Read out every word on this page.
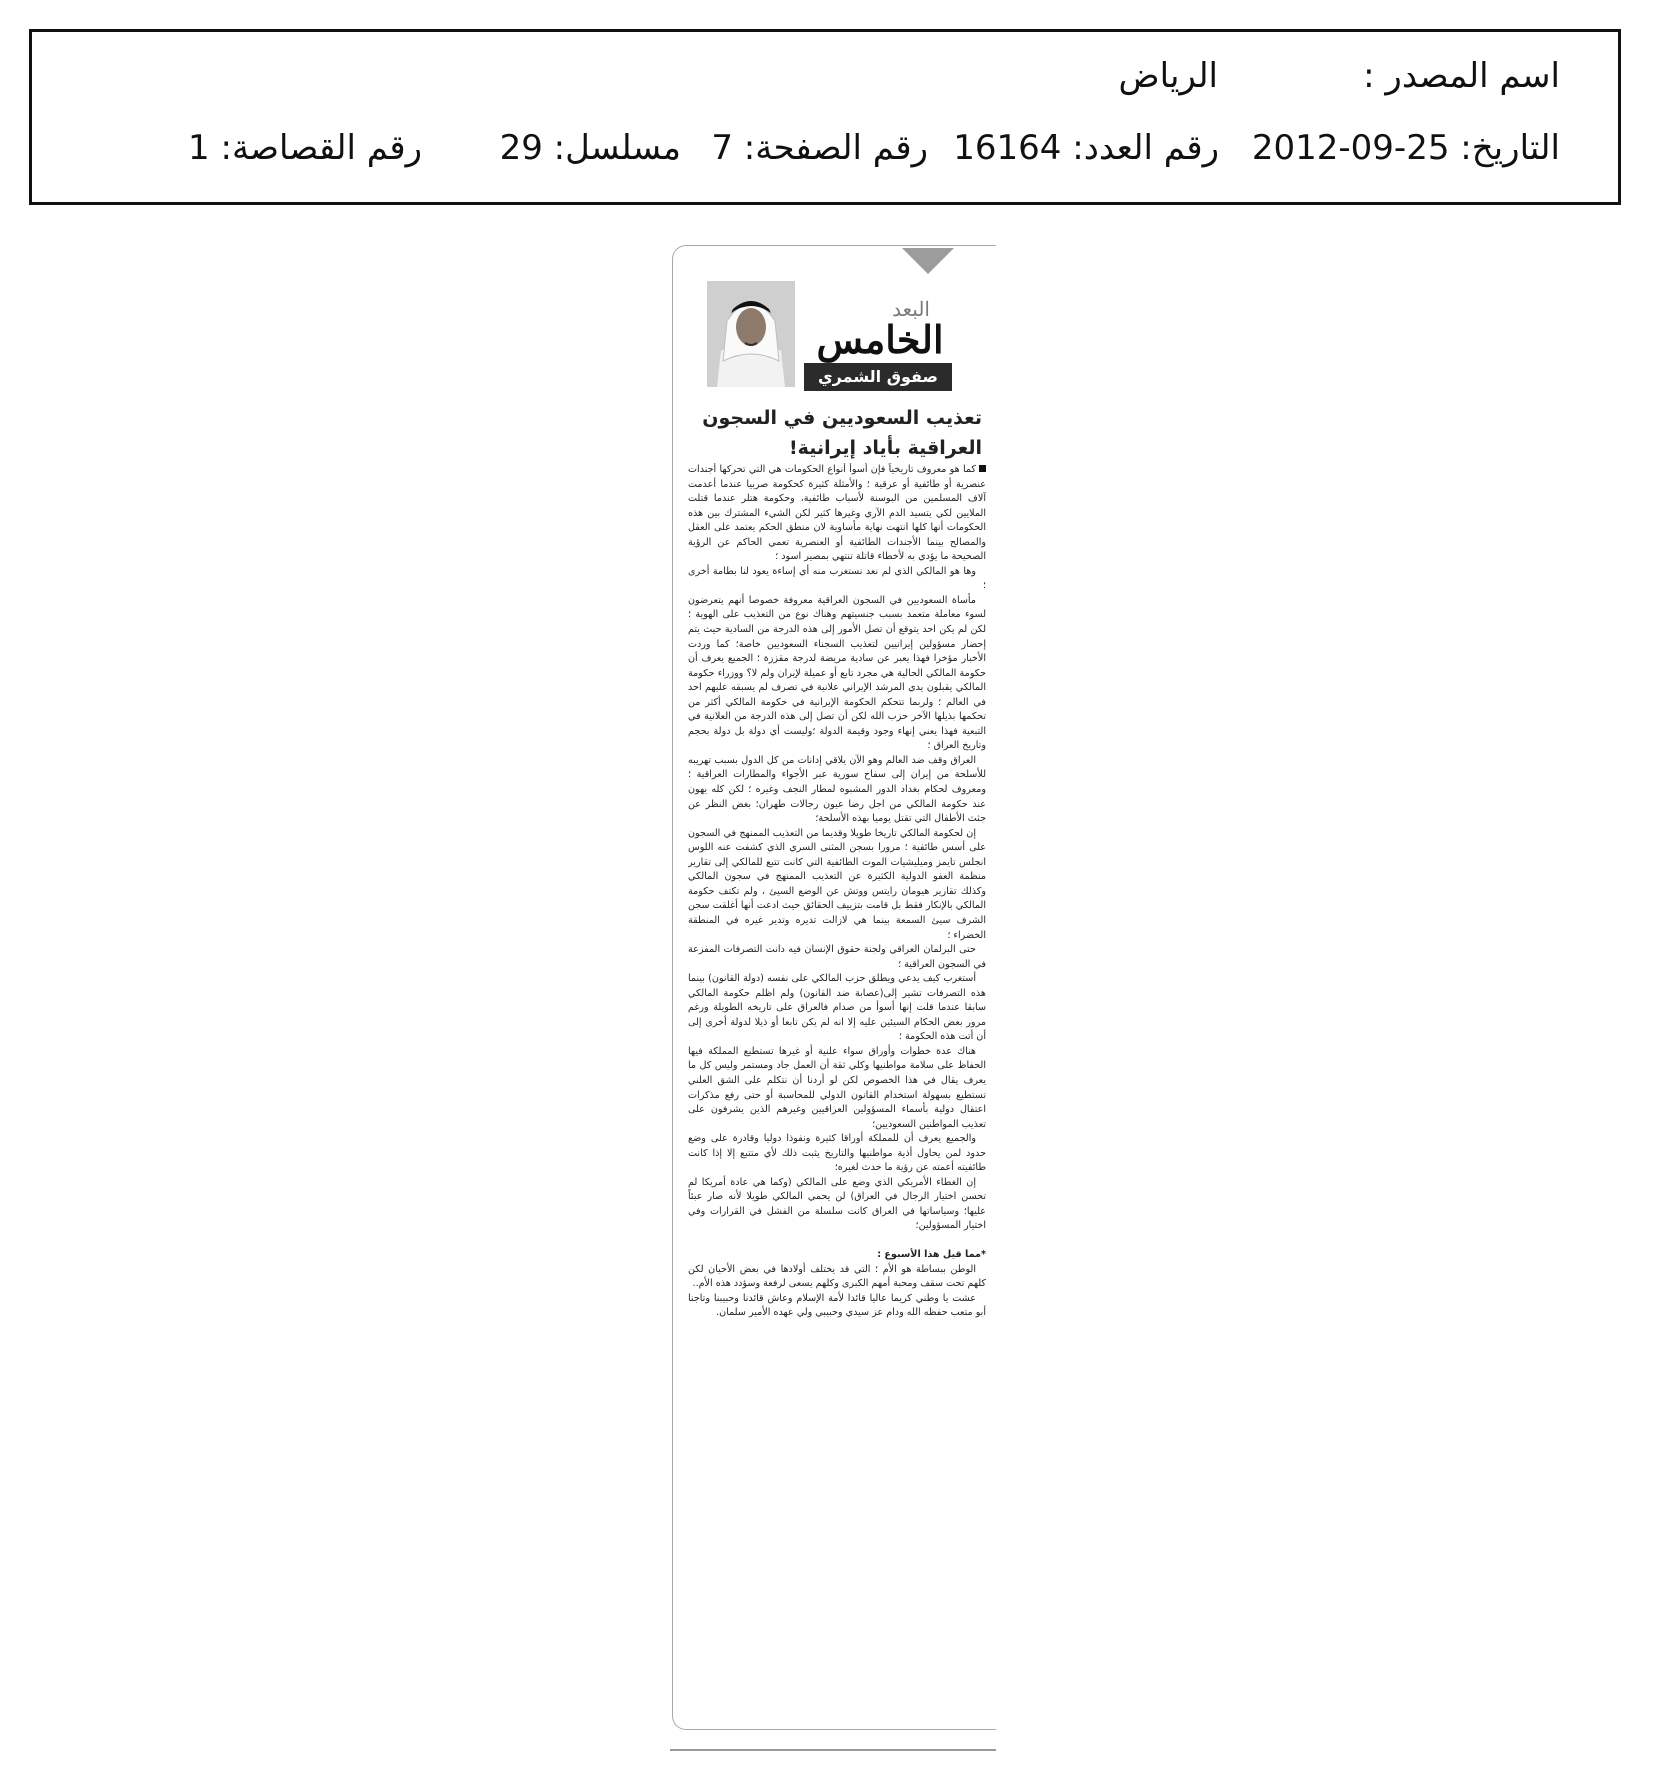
اسم المصدر :
الرياض
التاريخ: 2012-09-25
رقم العدد: 16164
رقم الصفحة: 7
مسلسل: 29
رقم القصاصة: 1
البعد
الخامس
صفوق الشمري
تعذيب السعوديين في السجون
العراقية بأياد إيرانية!

كما هو معروف تاريخياً فإن أسوأ أنواع الحكومات هي التي تحركها أجندات عنصرية أو طائفية أو عرقية ؛ والأمثلة كثيرة كحكومة صربيا عندما أعدمت آلاف المسلمين من البوسنة لأسباب طائفية، وحكومة هتلر عندما قتلت الملايين لكي يتسيد الدم الآري وغيرها كثير لكن الشيء المشترك بين هذه الحكومات أنها كلها انتهت نهاية مأساوية لان منطق الحكم يعتمد على العقل والمصالح بينما الأجندات الطائفية أو العنصرية تعمي الحاكم عن الرؤية الصحيحة ما يؤدي به لأخطاء قاتلة تنتهي بمصير اسود ؛

وها هو المالكي الذي لم نعد نستغرب منه أي إساءة يعود لنا بطامة أخرى ؛

مأساة السعوديين في السجون العراقية معروفة خصوصا أنهم يتعرضون لسوء معاملة متعمد بسبب جنسيتهم وهناك نوع من التعذيب على الهوية ؛لكن لم يكن احد يتوقع أن تصل الأمور إلى هذه الدرجة من السادية حيث يتم إحضار مسؤولين إيرانيين لتعذيب السجناء السعوديين خاصة؛ كما وردت الأخبار مؤخرا فهذا يعبر عن سادية مريضة لدرجة مقززة ؛ الجميع يعرف أن حكومة المالكي الحالية هي مجرد تابع أو عميلة لإيران ولم لا؟ ووزراء حكومة المالكي يقبلون يدي المرشد الإيراني علانية في تصرف لم يسبقه عليهم احد في العالم ؛ ولربما تتحكم الحكومة الإيرانية في حكومة المالكي أكثر من تحكمها بذيلها الآخر حزب الله لكن أن تصل إلى هذه الدرجة من العلانية في التبعية فهذا يعني إنهاء وجود وقيمة الدولة ؛وليست أي دولة بل دولة بحجم وتاريخ العراق ؛

العراق وقف ضد العالم وهو الآن يلاقي إدانات من كل الدول بسبب تهريبه للأسلحة من إيران إلى سفاح سورية عبر الأجواء والمطارات العراقية ؛ومعروف لحكام بغداد الدور المشبوه لمطار النجف وغيره ؛ لكن كله يهون عند حكومة المالكي من اجل رضا عيون رجالات طهران؛ بغض النظر عن جثث الأطفال التي تقتل يوميا بهذه الأسلحة؛

إن لحكومة المالكي تاريخا طويلا وقديما من التعذيب الممنهج في السجون على أسس طائفية ؛ مرورا بسجن المثنى السري الذي كشفت عنه اللوس انجلس تايمز وميليشيات الموت الطائفية التي كانت تتبع للمالكي إلى تقارير منظمة العفو الدولية الكثيرة عن التعذيب الممنهج في سجون المالكي وكذلك تقارير هيومان رايتس ووتش عن الوضع السيئ ، ولم تكتف حكومة المالكي بالإنكار فقط بل قامت بتزييف الحقائق حيث ادعت أنها أغلقت سجن الشرف سيئ السمعة بينما هي لازالت تديره وتدير غيره في المنطقة الخضراء ؛

حتى البرلمان العراقي ولجنة حقوق الإنسان فيه دانت التصرفات المفزعة في السجون العراقية ؛

أستغرب كيف يدعي ويطلق حزب المالكي على نفسه (دولة القانون) بينما هذه التصرفات تشير إلى(عصابة ضد القانون) ولم اظلم حكومة المالكي سابقا عندما قلت إنها أسوأ من صدام فالعراق على تاريخه الطويلة ورغم مرور بعض الحكام السيئين عليه إلا انه لم يكن تابعا أو ذيلا لدولة أخرى إلى أن أتت هذه الحكومة ؛

هناك عدة خطوات وأوراق سواء علنية أو غيرها تستطيع المملكة فيها الحفاظ على سلامة مواطنيها وكلي ثقة أن العمل جاد ومستمر وليس كل ما يعرف يقال في هذا الخصوص لكن لو أردنا أن نتكلم على الشق العلني تستطيع بسهولة استخدام القانون الدولي للمحاسبة أو حتى رفع مذكرات اعتقال دولية بأسماء المسؤولين العراقيين وغيرهم الذين يشرفون على تعذيب المواطنين السعوديين؛

والجميع يعرف أن للمملكة أوراقا كثيرة ونفوذا دوليا وقادرة على وضع حدود لمن يحاول أذية مواطنيها والتاريخ يثبت ذلك لأي متتبع إلا إذا كانت طائفيته أعمته عن رؤية ما حدث لغيره؛

إن الغطاء الأمريكي الذي وضع على المالكي (وكما هي عادة أمريكا لم تحسن اختيار الرجال في العراق) لن يحمي المالكي طويلا لأنه صار عبئاً عليها؛ وسياساتها في العراق كانت سلسلة من الفشل في القرارات وفي اختيار المسؤولين؛

*مما قيل هذا الأسبوع :

الوطن ببساطة هو الأم ؛ التي قد يختلف أولادها في بعض الأحيان لكن كلهم تحت سقف ومحبة أمهم الكبرى وكلهم يسعى لرفعة وسؤدد هذه الأم..

عشت يا وطني كريما عاليا قائدا لأمة الإسلام وعاش قائدنا وحبيبنا وتاجنا أبو متعب حفظه الله ودام عز سيدي وحبيبي ولي عهده الأمير سلمان.
